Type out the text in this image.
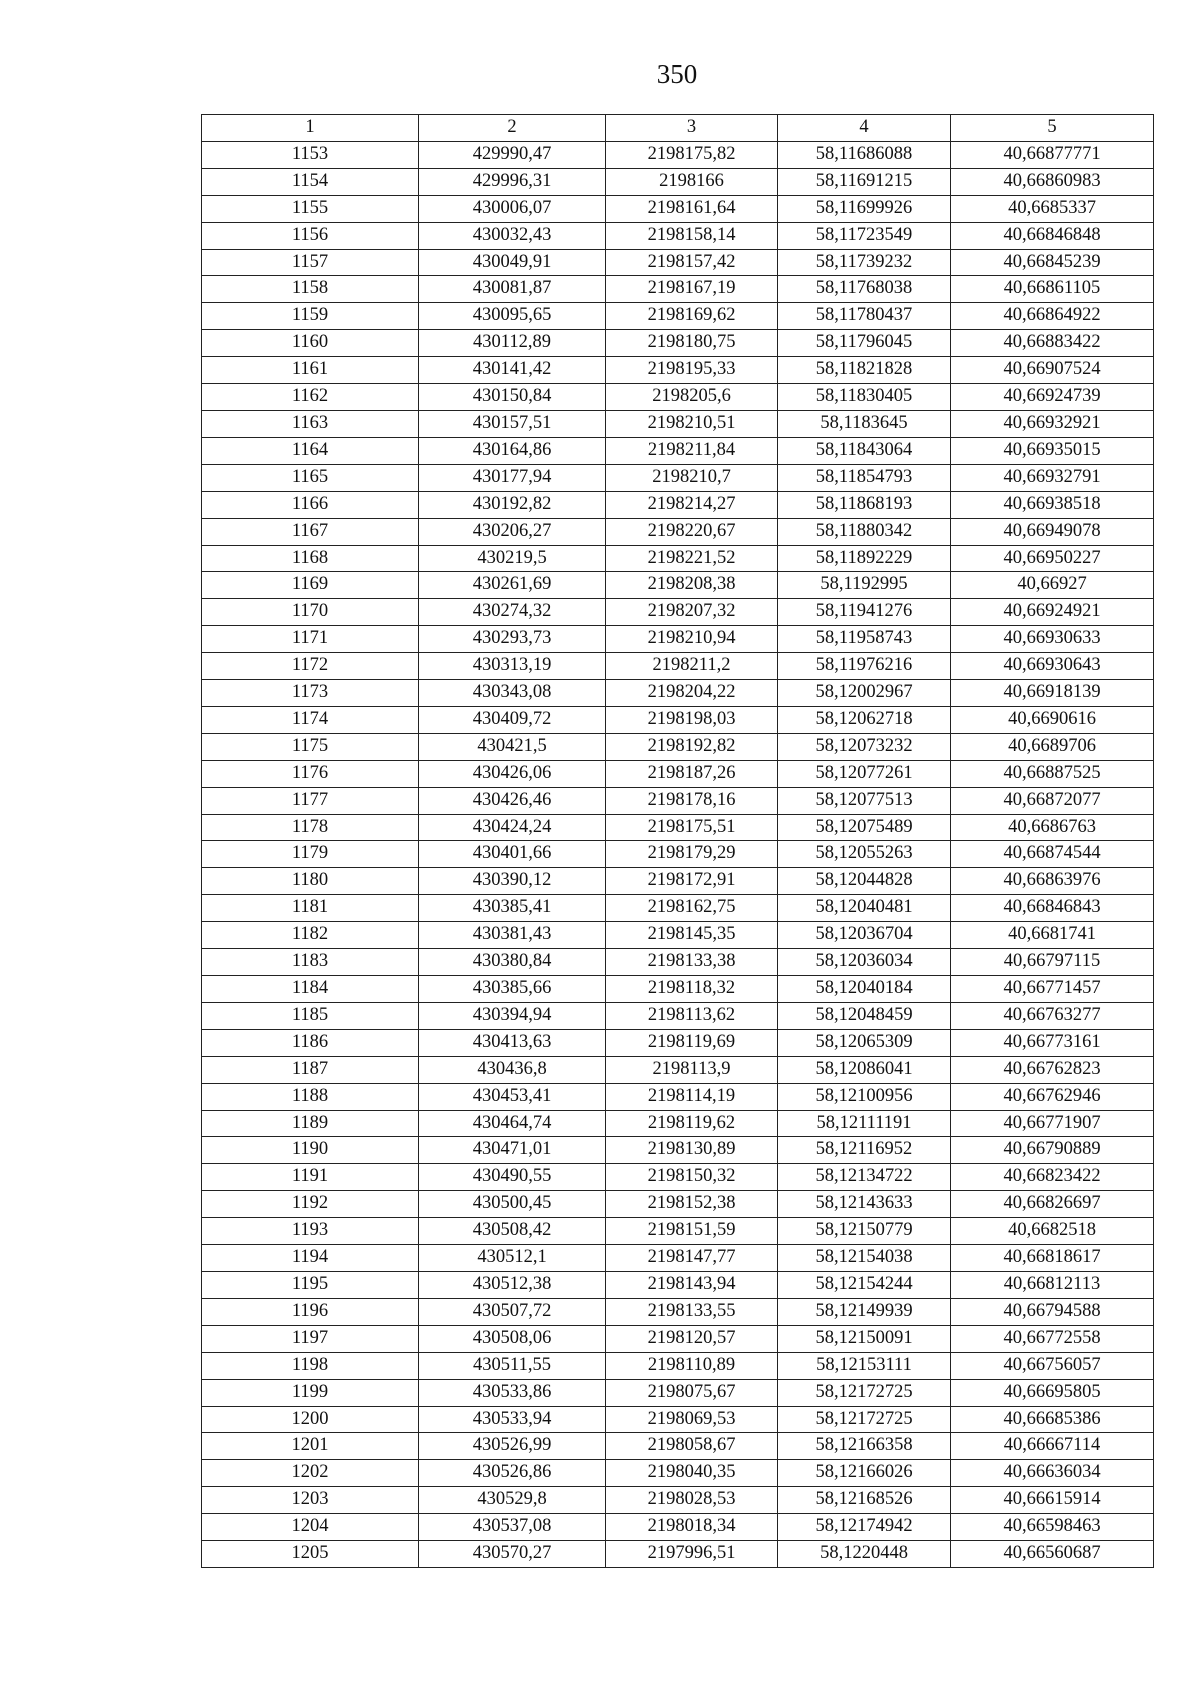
350
1	2	3	4	5
1153	429990,47	2198175,82	58,11686088	40,66877771
1154	429996,31	2198166	58,11691215	40,66860983
1155	430006,07	2198161,64	58,11699926	40,6685337
1156	430032,43	2198158,14	58,11723549	40,66846848
1157	430049,91	2198157,42	58,11739232	40,66845239
1158	430081,87	2198167,19	58,11768038	40,66861105
1159	430095,65	2198169,62	58,11780437	40,66864922
1160	430112,89	2198180,75	58,11796045	40,66883422
1161	430141,42	2198195,33	58,11821828	40,66907524
1162	430150,84	2198205,6	58,11830405	40,66924739
1163	430157,51	2198210,51	58,1183645	40,66932921
1164	430164,86	2198211,84	58,11843064	40,66935015
1165	430177,94	2198210,7	58,11854793	40,66932791
1166	430192,82	2198214,27	58,11868193	40,66938518
1167	430206,27	2198220,67	58,11880342	40,66949078
1168	430219,5	2198221,52	58,11892229	40,66950227
1169	430261,69	2198208,38	58,1192995	40,66927
1170	430274,32	2198207,32	58,11941276	40,66924921
1171	430293,73	2198210,94	58,11958743	40,66930633
1172	430313,19	2198211,2	58,11976216	40,66930643
1173	430343,08	2198204,22	58,12002967	40,66918139
1174	430409,72	2198198,03	58,12062718	40,6690616
1175	430421,5	2198192,82	58,12073232	40,6689706
1176	430426,06	2198187,26	58,12077261	40,66887525
1177	430426,46	2198178,16	58,12077513	40,66872077
1178	430424,24	2198175,51	58,12075489	40,6686763
1179	430401,66	2198179,29	58,12055263	40,66874544
1180	430390,12	2198172,91	58,12044828	40,66863976
1181	430385,41	2198162,75	58,12040481	40,66846843
1182	430381,43	2198145,35	58,12036704	40,6681741
1183	430380,84	2198133,38	58,12036034	40,66797115
1184	430385,66	2198118,32	58,12040184	40,66771457
1185	430394,94	2198113,62	58,12048459	40,66763277
1186	430413,63	2198119,69	58,12065309	40,66773161
1187	430436,8	2198113,9	58,12086041	40,66762823
1188	430453,41	2198114,19	58,12100956	40,66762946
1189	430464,74	2198119,62	58,12111191	40,66771907
1190	430471,01	2198130,89	58,12116952	40,66790889
1191	430490,55	2198150,32	58,12134722	40,66823422
1192	430500,45	2198152,38	58,12143633	40,66826697
1193	430508,42	2198151,59	58,12150779	40,6682518
1194	430512,1	2198147,77	58,12154038	40,66818617
1195	430512,38	2198143,94	58,12154244	40,66812113
1196	430507,72	2198133,55	58,12149939	40,66794588
1197	430508,06	2198120,57	58,12150091	40,66772558
1198	430511,55	2198110,89	58,12153111	40,66756057
1199	430533,86	2198075,67	58,12172725	40,66695805
1200	430533,94	2198069,53	58,12172725	40,66685386
1201	430526,99	2198058,67	58,12166358	40,66667114
1202	430526,86	2198040,35	58,12166026	40,66636034
1203	430529,8	2198028,53	58,12168526	40,66615914
1204	430537,08	2198018,34	58,12174942	40,66598463
1205	430570,27	2197996,51	58,1220448	40,66560687
